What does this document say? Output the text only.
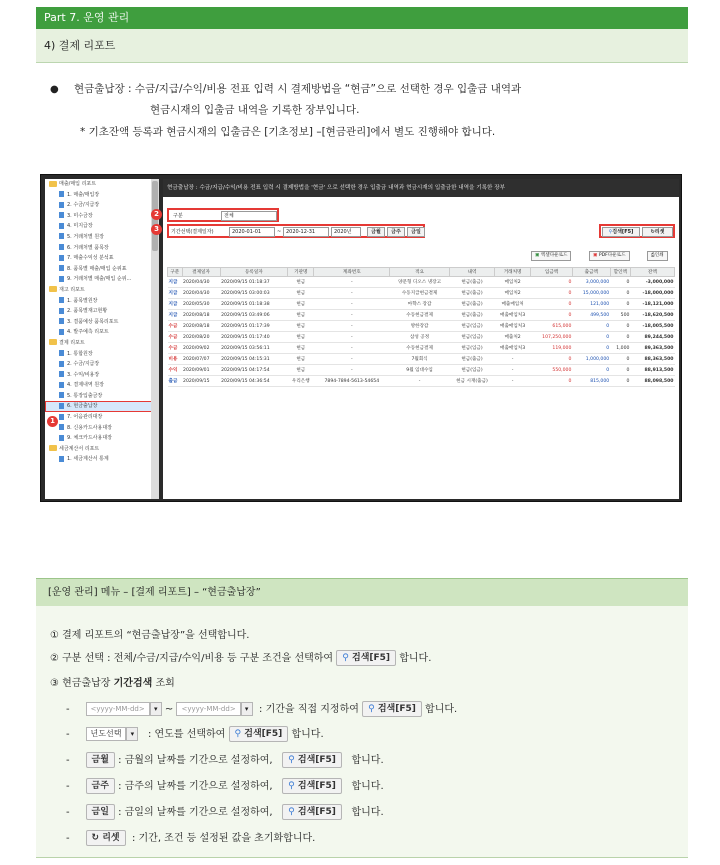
Part 7. 운영 관리
4) 결제 리포트
● 현금출납장 : 수금/지급/수익/비용 전표 입력 시 결제방법을 “현금”으로 선택한 경우 입출금 내역과
현금시재의 입출금 내역을 기록한 장부입니다.
* 기초잔액 등록과 현금시재의 입출금은 [기초정보] –[현금관리]에서 별도 진행해야 합니다.
매출/매입 리포트
1. 매출/매입장
2. 수금/지급장
3. 미수금장
4. 미지급장
5. 거래처별 원장
6. 거래처별 품목장
7. 매출수익성 분석표
8. 품목별 매출/매입 순위표
9. 거래처별 매출/매입 순위...
재고 리포트
1. 품목별원장
2. 품목별재고현황
3. 결품예상 품목리포트
4. 발주예측 리포트
결제 리포트
1. 통합원장
2. 수금/지급장
3. 수익/비용장
4. 결제내역 원장
5. 통장입출금장
6. 현금출납장
7. 어음관리대장
8. 신용카드사용대장
9. 체크카드사용대장
세금계산서 리포트
1. 세금계산서 통계
1
현금출납장 : 수금/지급/수익/비용 전표 입력 시 결제방법을 '현금' 으로 선택한 경우 입출금 내역과 현금시재의 입출금한 내역을 기록한 장부
2	구분	전체
3	기간선택(결제일자)	2020-01-01	~ 2020-12-31	2020년	금월	금주	금일	⚲검색[F5]	↻리셋
▣ 엑셀다운로드	▣ PDF다운로드	⎙인쇄
구분	결제일자	등록일자	기관명	계좌번호	적요	내역	거래처명	입금액	출금액	할인액	잔액
지급	2020/04/30	2020/09/15 01:18:37	현금	-	양문형 디오스 냉장고	현금(출금)	매입처2	0	3,000,000	0	-3,000,000
지급	2020/04/30	2020/09/15 03:00:03	현금	-	수동지급현금결제	현금(출금)	매입처2	0	15,000,000	0	-18,000,000
지급	2020/05/30	2020/09/15 01:18:38	현금	-	마햑스 장갑	현금(출금)	매출매입처	0	121,000	0	-18,121,000
지급	2020/08/18	2020/09/15 03:49:06	현금	-	수동현금결제	현금(출금)	매출매입처3	0	499,500	500	-18,620,500
수금	2020/08/18	2020/09/15 01:17:39	현금	-	방한장갑	현금(입금)	매출매입처3	615,000	0	0	-18,005,500
수금	2020/08/20	2020/09/15 01:17:40	현금	-	삼성 공정	현금(입금)	매출처2	107,250,000	0	0	89,244,500
수금	2020/09/02	2020/09/15 03:56:11	현금	-	수동현금결제	현금(입금)	매출매입처3	119,000	0	1,000	89,363,500
비용	2020/07/07	2020/09/15 04:15:31	현금	-	7월회식	현금(출금)	-	0	1,000,000	0	88,363,500
수익	2020/09/01	2020/09/15 04:17:54	현금	-	9월 임대수입	현금(입금)	-	550,000	0	0	88,913,500
출금	2020/09/15	2020/09/15 04:36:54	우리은행	7894-7894-5613-54654	-	현금 시재(출금)	-	0	815,000	0	88,098,500
[운영 관리] 메뉴 – [결제 리포트] – “현금출납장”
① 결제 리포트의 “현금출납장”을 선택합니다.
② 구분 선택 : 전체/수금/지급/수익/비용 등 구분 조건을 선택하여 ⚲ 검색[F5] 합니다.
③ 현금출납장 기간검색 조회
-	<yyyy-MM-dd> ▾ ~ <yyyy-MM-dd> ▾ : 기간을 직접 지정하여 ⚲ 검색[F5] 합니다.
-	년도선택 ▾ : 연도를 선택하여 ⚲ 검색[F5] 합니다.
- 금월 : 금월의 날짜를 기간으로 설정하여, ⚲ 검색[F5] 합니다.
- 금주 : 금주의 날짜를 기간으로 설정하여, ⚲ 검색[F5] 합니다.
- 금일 : 금일의 날짜를 기간으로 설정하여, ⚲ 검색[F5] 합니다.
- ↻ 리셋 : 기간, 조건 등 설정된 값을 초기화합니다.
